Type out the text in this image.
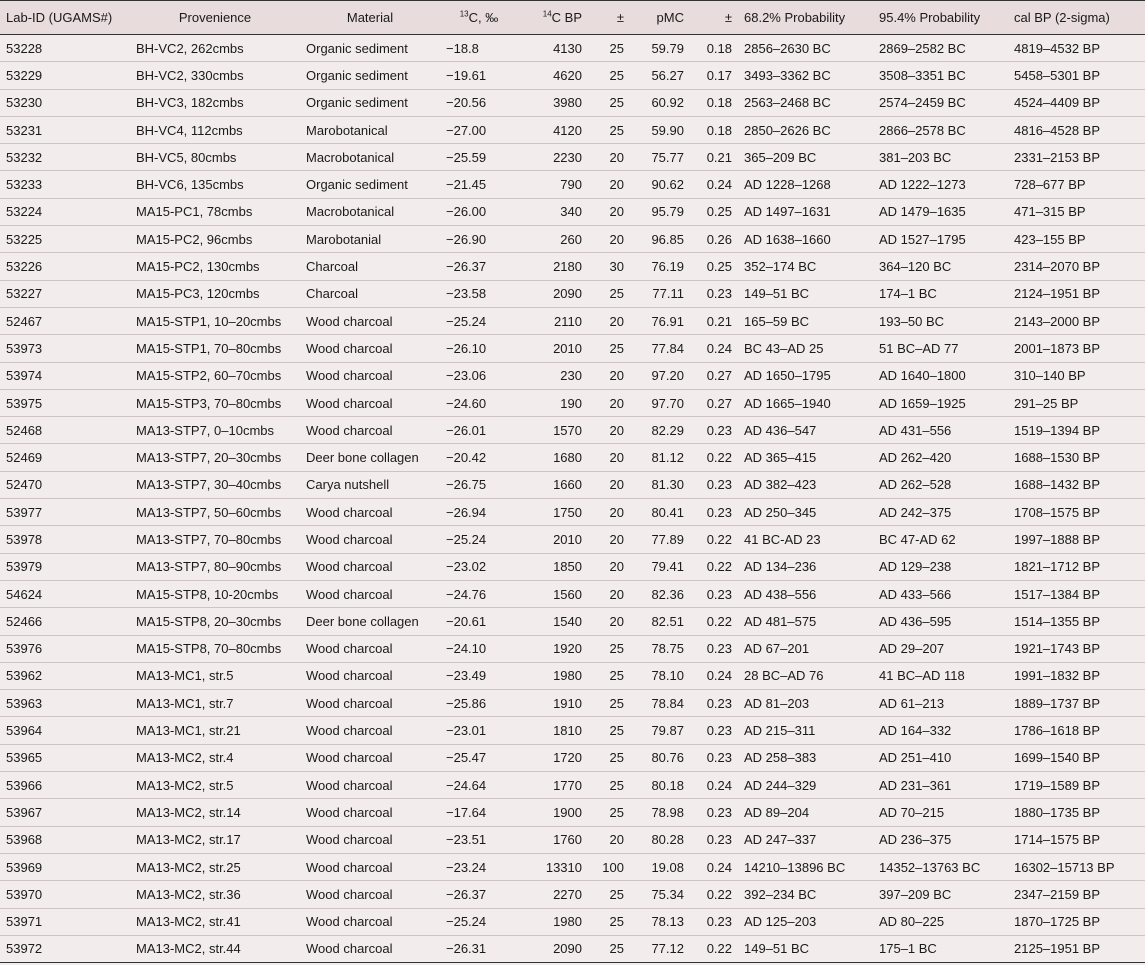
Lab-ID (UGAMS#)	Provenience	Material	$^{13}$C, ‰	$^{14}$C BP	±	pMC	±	68.2% Probability	95.4% Probability	cal BP (2-sigma)
53228	BH-VC2, 262cmbs	Organic sediment	−18.8	4130	25	59.79	0.18	2856–2630 BC	2869–2582 BC	4819–4532 BP
53229	BH-VC2, 330cmbs	Organic sediment	−19.61	4620	25	56.27	0.17	3493–3362 BC	3508–3351 BC	5458–5301 BP
53230	BH-VC3, 182cmbs	Organic sediment	−20.56	3980	25	60.92	0.18	2563–2468 BC	2574–2459 BC	4524–4409 BP
53231	BH-VC4, 112cmbs	Marobotanical	−27.00	4120	25	59.90	0.18	2850–2626 BC	2866–2578 BC	4816–4528 BP
53232	BH-VC5, 80cmbs	Macrobotanical	−25.59	2230	20	75.77	0.21	365–209 BC	381–203 BC	2331–2153 BP
53233	BH-VC6, 135cmbs	Organic sediment	−21.45	790	20	90.62	0.24	AD 1228–1268	AD 1222–1273	728–677 BP
53224	MA15-PC1, 78cmbs	Macrobotanical	−26.00	340	20	95.79	0.25	AD 1497–1631	AD 1479–1635	471–315 BP
53225	MA15-PC2, 96cmbs	Marobotanial	−26.90	260	20	96.85	0.26	AD 1638–1660	AD 1527–1795	423–155 BP
53226	MA15-PC2, 130cmbs	Charcoal	−26.37	2180	30	76.19	0.25	352–174 BC	364–120 BC	2314–2070 BP
53227	MA15-PC3, 120cmbs	Charcoal	−23.58	2090	25	77.11	0.23	149–51 BC	174–1 BC	2124–1951 BP
52467	MA15-STP1, 10–20cmbs	Wood charcoal	−25.24	2110	20	76.91	0.21	165–59 BC	193–50 BC	2143–2000 BP
53973	MA15-STP1, 70–80cmbs	Wood charcoal	−26.10	2010	25	77.84	0.24	BC 43–AD 25	51 BC–AD 77	2001–1873 BP
53974	MA15-STP2, 60–70cmbs	Wood charcoal	−23.06	230	20	97.20	0.27	AD 1650–1795	AD 1640–1800	310–140 BP
53975	MA15-STP3, 70–80cmbs	Wood charcoal	−24.60	190	20	97.70	0.27	AD 1665–1940	AD 1659–1925	291–25 BP
52468	MA13-STP7, 0–10cmbs	Wood charcoal	−26.01	1570	20	82.29	0.23	AD 436–547	AD 431–556	1519–1394 BP
52469	MA13-STP7, 20–30cmbs	Deer bone collagen	−20.42	1680	20	81.12	0.22	AD 365–415	AD 262–420	1688–1530 BP
52470	MA13-STP7, 30–40cmbs	Carya nutshell	−26.75	1660	20	81.30	0.23	AD 382–423	AD 262–528	1688–1432 BP
53977	MA13-STP7, 50–60cmbs	Wood charcoal	−26.94	1750	20	80.41	0.23	AD 250–345	AD 242–375	1708–1575 BP
53978	MA13-STP7, 70–80cmbs	Wood charcoal	−25.24	2010	20	77.89	0.22	41 BC-AD 23	BC 47-AD 62	1997–1888 BP
53979	MA13-STP7, 80–90cmbs	Wood charcoal	−23.02	1850	20	79.41	0.22	AD 134–236	AD 129–238	1821–1712 BP
54624	MA15-STP8, 10-20cmbs	Wood charcoal	−24.76	1560	20	82.36	0.23	AD 438–556	AD 433–566	1517–1384 BP
52466	MA15-STP8, 20–30cmbs	Deer bone collagen	−20.61	1540	20	82.51	0.22	AD 481–575	AD 436–595	1514–1355 BP
53976	MA15-STP8, 70–80cmbs	Wood charcoal	−24.10	1920	25	78.75	0.23	AD 67–201	AD 29–207	1921–1743 BP
53962	MA13-MC1, str.5	Wood charcoal	−23.49	1980	25	78.10	0.24	28 BC–AD 76	41 BC–AD 118	1991–1832 BP
53963	MA13-MC1, str.7	Wood charcoal	−25.86	1910	25	78.84	0.23	AD 81–203	AD 61–213	1889–1737 BP
53964	MA13-MC1, str.21	Wood charcoal	−23.01	1810	25	79.87	0.23	AD 215–311	AD 164–332	1786–1618 BP
53965	MA13-MC2, str.4	Wood charcoal	−25.47	1720	25	80.76	0.23	AD 258–383	AD 251–410	1699–1540 BP
53966	MA13-MC2, str.5	Wood charcoal	−24.64	1770	25	80.18	0.24	AD 244–329	AD 231–361	1719–1589 BP
53967	MA13-MC2, str.14	Wood charcoal	−17.64	1900	25	78.98	0.23	AD 89–204	AD 70–215	1880–1735 BP
53968	MA13-MC2, str.17	Wood charcoal	−23.51	1760	20	80.28	0.23	AD 247–337	AD 236–375	1714–1575 BP
53969	MA13-MC2, str.25	Wood charcoal	−23.24	13310	100	19.08	0.24	14210–13896 BC	14352–13763 BC	16302–15713 BP
53970	MA13-MC2, str.36	Wood charcoal	−26.37	2270	25	75.34	0.22	392–234 BC	397–209 BC	2347–2159 BP
53971	MA13-MC2, str.41	Wood charcoal	−25.24	1980	25	78.13	0.23	AD 125–203	AD 80–225	1870–1725 BP
53972	MA13-MC2, str.44	Wood charcoal	−26.31	2090	25	77.12	0.22	149–51 BC	175–1 BC	2125–1951 BP
